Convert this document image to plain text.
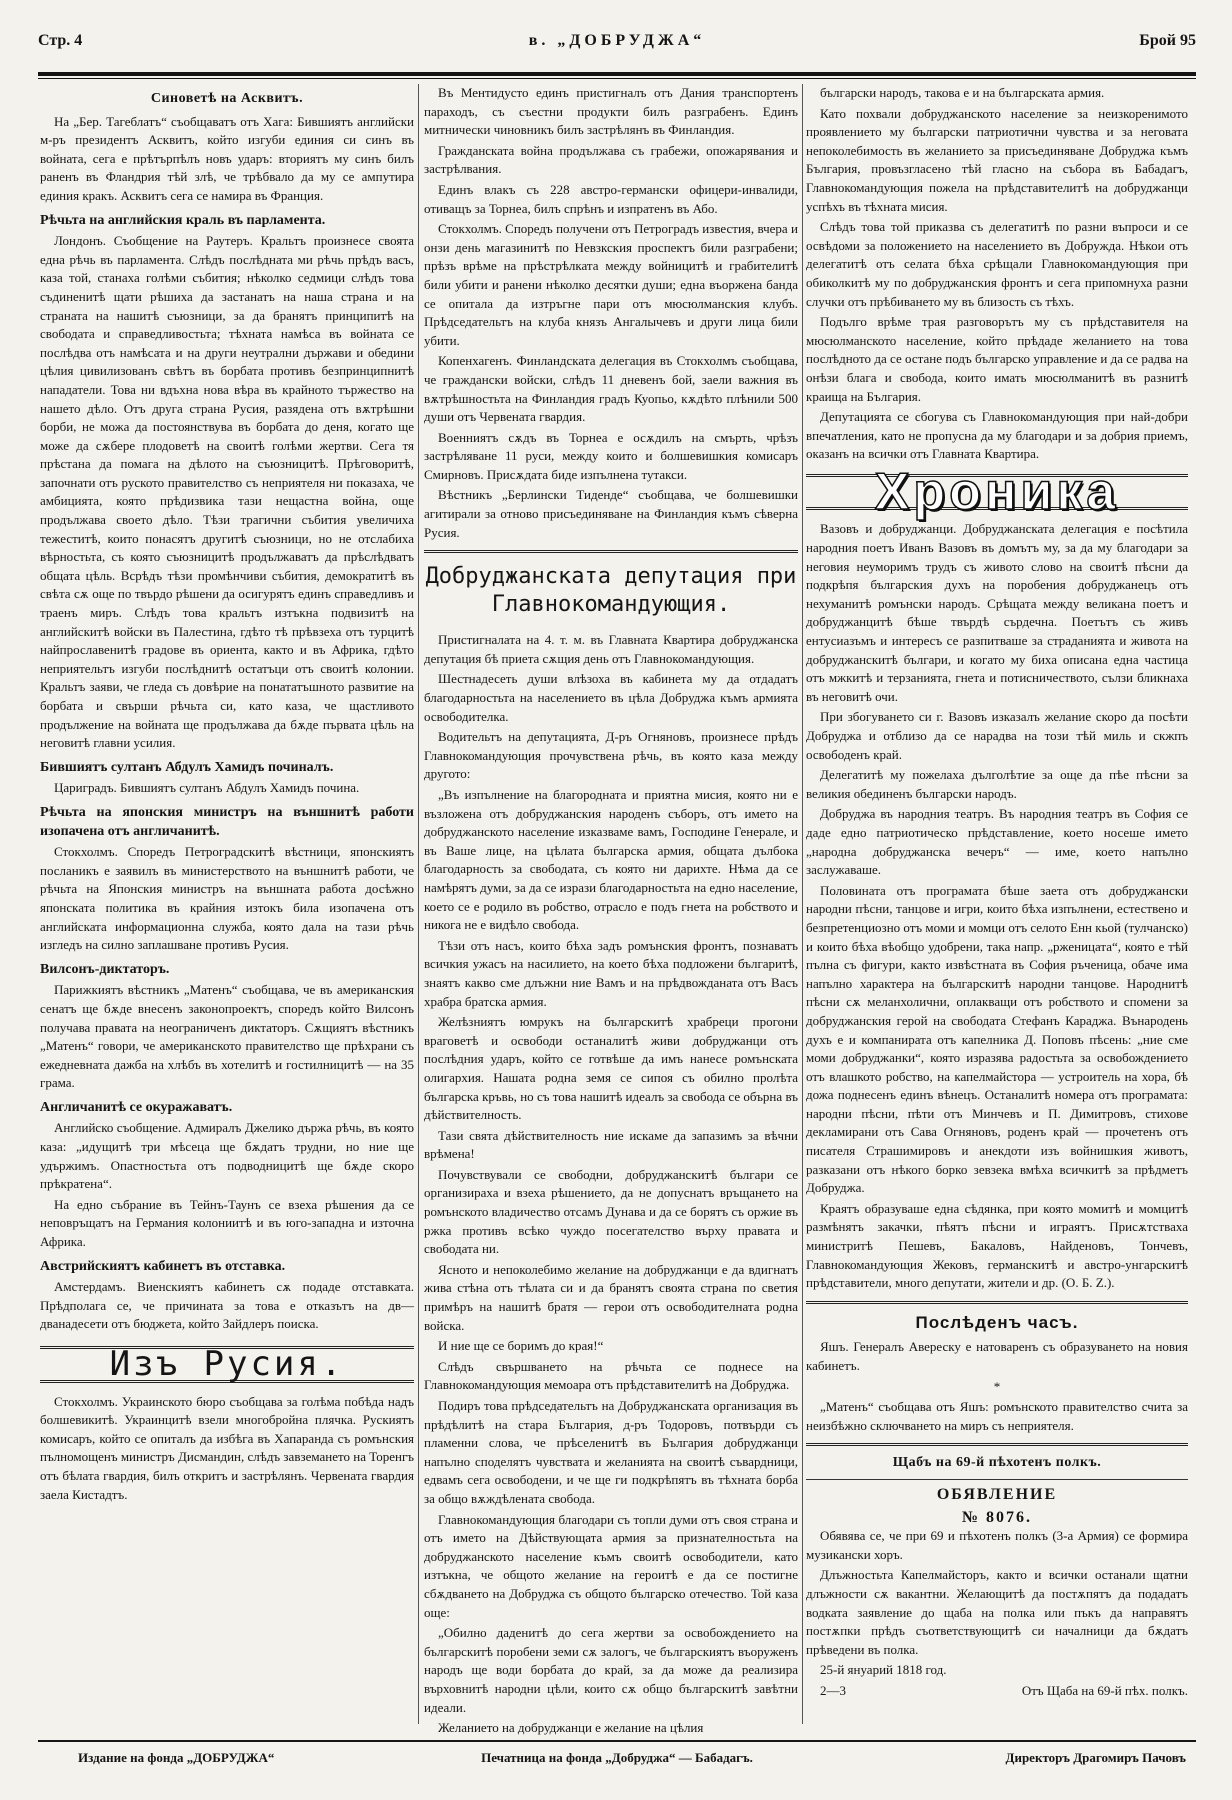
Стр. 4	в. „ДОБРУДЖА“	Брой 95
Синоветѣ на Асквитъ.

На „Бер. Тагеблатъ“ съобщаватъ отъ Хага: Бившиятъ английски м-ръ президентъ Асквитъ, който изгуби единия си синъ въ войната, сега е прѣтърпѣлъ новъ ударъ: вториятъ му синъ билъ раненъ въ Фландрия тѣй злѣ, че трѣбвало да му се ампутира единия кракъ. Асквитъ сега се намира въ Франция.

Рѣчьта на английския краль въ парламента.

Лондонъ. Съобщение на Раутеръ. Кральтъ произнесе своята една рѣчь въ парламента. Слѣдъ послѣдната ми рѣчь прѣдъ васъ, каза той, станаха голѣми събития; нѣколко седмици слѣдъ това съдиненитѣ щати рѣшиха да застанатъ на наша страна и на страната на нашитѣ съюзници, за да бранятъ принципитѣ на свободата и справедливостьта; тѣхната намѣса въ войната се послѣдва отъ намѣсата и на други неутрални държави и обедини цѣлия цивилизованъ свѣтъ въ борбата противъ безпринципнитѣ нападатели. Това ни вдъхна нова вѣра въ крайното тържество на нашето дѣло. Отъ друга страна Русия, разядена отъ вѫтрѣшни борби, не можа да постоянствува въ борбата до деня, когато ще може да сѫбере плодоветѣ на своитѣ голѣми жертви. Сега тя прѣстана да помага на дѣлото на съюзницитѣ. Прѣговоритѣ, започнати отъ руското правителство съ неприятеля ни показаха, че амбицията, която прѣдизвика тази нещастна война, още продължава своето дѣло. Тѣзи трагични събития увеличиха тежеститѣ, които понасятъ другитѣ съюзници, но не отслабиха вѣрностьта, съ която съюзницитѣ продължаватъ да прѣслѣдватъ общата цѣль. Всрѣдъ тѣзи промѣнчиви събития, демократитѣ въ свѣта сѫ още по твърдо рѣшени да осигурятъ единъ справедливъ и траенъ миръ. Слѣдъ това кральтъ изтъкна подвизитѣ на английскитѣ войски въ Палестина, гдѣто тѣ прѣвзеха отъ турцитѣ найпрославенитѣ градове въ ориента, както и въ Африка, гдѣто неприятельтъ изгуби послѣднитѣ остатъци отъ своитѣ колонии. Кральтъ заяви, че гледа съ довѣрие на понататъшното развитие на борбата и свърши рѣчьта си, като каза, че щастливото продължение на войната ще продължава да бѫде първата цѣль на неговитѣ главни усилия.

Бившиятъ султанъ Абдулъ Хамидъ починалъ.

Цариградъ. Бившиятъ султанъ Абдулъ Хамидъ почина.

Рѣчьта на японския министръ на външнитѣ работи изопачена отъ англичанитѣ.

Стокхолмъ. Споредъ Петроградскитѣ вѣстници, японскиятъ посланикъ е заявилъ въ министерството на външнитѣ работи, че рѣчьта на Японския министръ на външната работа досѣжно японската политика въ крайния изтокъ била изопачена отъ английската информационна служба, която дала на тази рѣчь изгледъ на силно заплашване противъ Русия.

Вилсонъ-диктаторъ.

Парижкиятъ вѣстникъ „Матенъ“ съобщава, че въ американския сенатъ ще бѫде внесенъ законопроектъ, споредъ който Вилсонъ получава правата на неограниченъ диктаторъ. Сѫщиятъ вѣстникъ „Матенъ“ говори, че американското правителство ще прѣхрани съ ежедневната дажба на хлѣбъ въ хотелитѣ и гостилницитѣ — на 35 грама.

Англичанитѣ се окуражаватъ.

Английско съобщение. Адмиралъ Джелико държа рѣчь, въ която каза: „идущитѣ три мѣсеца ще бѫдатъ трудни, но ние ще удържимъ. Опастностьта отъ подводницитѣ ще бѫде скоро прѣкратена“.

На едно събрание въ Тейнъ-Таунъ се взеха рѣшения да се неповръщатъ на Германия колониитѣ и въ юго-западна и източна Африка.

Австрийскиятъ кабинетъ въ отставка.

Амстердамъ. Виенскиятъ кабинетъ сѫ подаде отставката. Прѣдполага се, че причината за това е отказътъ на дв—дванадесети отъ бюджета, който Зайдлеръ поиска.

Изъ Русия.

Стокхолмъ. Украинското бюро съобщава за голѣма побѣда надъ болшевикитѣ. Украинцитѣ взели многобройна плячка. Рускиятъ комисаръ, който се опиталъ да избѣга въ Хапаранда съ ромънския пълномощенъ министръ Дисмандин, слѣдъ завземането на Торенгъ отъ бѣлата гвардия, билъ откритъ и застрѣлянъ. Червената гвардия заела Кистадтъ.

Въ Ментидусто единъ пристигналъ отъ Дания транспортенъ параходъ, съ съестни продукти билъ разграбенъ. Единъ митнически чиновникъ билъ застрѣлянъ въ Финландия.

Гражданската война продължава съ грабежи, опожарявания и застрѣлвания.

Единъ влакъ съ 228 австро-германски офицери-инвалиди, отиващъ за Торнеа, билъ спрѣнъ и изпратенъ въ Або.

Стокхолмъ. Споредъ получени отъ Петроградъ известия, вчера и онзи день магазинитѣ по Невзкския проспектъ били разграбени; прѣзъ врѣме на прѣстрѣлката между войницитѣ и грабителитѣ били убити и ранени нѣколко десятки души; една въоржена банда се опитала да изтръгне пари отъ мюсюлманския клубъ. Прѣдседательтъ на клуба князъ Ангалычевъ и други лица били убити.

Копенхагенъ. Финландската делегация въ Стокхолмъ съобщава, че граждански войски, слѣдъ 11 дневенъ бой, заели важния въ вѫтрѣшностьта на Финландия градъ Куопьо, кѫдѣто плѣнили 500 души отъ Червената гвардия.

Военниятъ сѫдъ въ Торнеа е осѫдилъ на смърть, чрѣзъ застрѣляване 11 руси, между които и болшевишкия комисаръ Смирновъ. Присѫдата биде изпълнена тутакси.

Вѣстникъ „Берлински Тиденде“ съобщава, че болшевишки агитирали за отново присъединяване на Финландия къмъ сѣверна Русия.

Добруджанската депутация при Главнокомандующия.

Пристигналата на 4. т. м. въ Главната Квартира добруджанска депутация бѣ приета сѫщия день отъ Главнокомандующия.

Шестнадесеть души влѣзоха въ кабинета му да отдадатъ благодарностьта на населението въ цѣла Добруджа къмъ армията освободителка.

Водительтъ на депутацията, Д-ръ Огняновъ, произнесе прѣдъ Главнокомандующия прочувствена рѣчь, въ която каза между другото:

„Въ изпълнение на благородната и приятна мисия, която ни е възложена отъ добруджанския народенъ съборъ, отъ името на добруджанското население изказваме вамъ, Господине Генерале, и въ Ваше лице, на цѣлата българска армия, общата дълбока благодарность за свободата, съ която ни дарихте. Нѣма да се намѣрятъ думи, за да се изрази благодарностьта на едно население, което се е родило въ робство, отрасло е подъ гнета на робството и никога не е видѣло свобода.

Тѣзи отъ насъ, които бѣха задъ ромънския фронтъ, познаватъ всичкия ужасъ на насилието, на което бѣха подложени българитѣ, знаятъ какво сме длъжни ние Вамъ и на прѣдвожданата отъ Васъ храбра братска армия.

Желѣзниятъ юмрукъ на българскитѣ храбреци прогони враговетѣ и освободи останалитѣ живи добруджанци отъ послѣдния ударъ, който се готвѣше да имъ нанесе ромънската олигархия. Нашата родна земя се сипоя съ обилно пролѣта българска кръвь, но съ това нашитѣ идеалъ за свобода се обърна въ дѣйствителность.

Тази свята дѣйствителность ние искаме да запазимъ за вѣчни врѣмена!

Почувствували се свободни, добруджанскитѣ българи се организираха и взеха рѣшението, да не допуснатъ връщането на ромънското владичество отсамъ Дунава и да се борятъ съ оржие въ ржка противъ всѣко чуждо посегателство върху правата и свободата ни.

Ясното и непоколебимо желание на добруджанци е да вдигнатъ жива стѣна отъ тѣлата си и да бранятъ своята страна по светия примѣръ на нашитѣ братя — герои отъ освободителната родна войска.

И ние ще се боримъ до края!“

Слѣдъ свършването на рѣчьта се поднесе на Главнокомандующия мемоара отъ прѣдставителитѣ на Добруджа.

Подиръ това прѣдседательтъ на Добруджанската организация въ прѣдѣлитѣ на стара България, д-ръ Тодоровъ, потвърди съ пламенни слова, че прѣселенитѣ въ България добруджанци напълно споделятъ чувствата и желанията на своитѣ съвардници, едвамъ сега освободени, и че ще ги подкрѣпятъ въ тѣхната борба за общо вѫждѣлената свобода.

Главнокомандующия благодари съ топли думи отъ своя страна и отъ името на Дѣйствующата армия за признателностьта на добруджанското население къмъ своитѣ освободители, като изтъкна, че общото желание на героитѣ е да се постигне сбѫдването на Добруджа съ общото българско отечество. Той каза още:

„Обилно даденитѣ до сега жертви за освобождението на българскитѣ поробени земи сѫ залогъ, че българскиятъ въоруженъ народъ ще води борбата до край, за да може да реализира върховнитѣ народни цѣли, които сѫ общо българскитѣ завѣтни идеали.

Желанието на добруджанци е желание на цѣлия

български народъ, такова е и на българската армия.

Като похвали добруджанското население за неизкоренимото проявлението му български патриотични чувства и за неговата непоколебимость въ желанието за присъединяване Добруджа къмъ България, провъзгласено тѣй гласно на събора въ Бабадагъ, Главнокомандующия пожела на прѣдставителитѣ на добруджанци успѣхъ въ тѣхната мисия.

Слѣдъ това той приказва съ делегатитѣ по разни въпроси и се освѣдоми за положението на населението въ Добружда. Нѣкои отъ делегатитѣ отъ селата бѣха срѣщали Главнокомандующия при обиколкитѣ му по добруджанския фронтъ и сега припомнуха разни случки отъ прѣбиването му въ близость съ тѣхъ.

Подълго врѣме трая разговорътъ му съ прѣдставителя на мюсюлманското население, който прѣдаде желанието на това послѣдното да се остане подъ българско управление и да се радва на онѣзи блага и свобода, които имать мюсюлманитѣ въ разнитѣ краища на България.

Депутацията се сбогува съ Главнокомандующия при най-добри впечатления, като не пропусна да му благодари и за добрия приемъ, оказанъ на всички отъ Главната Квартира.

Хроника

Вазовъ и добруджанци. Добруджанската делегация е посѣтила народния поетъ Иванъ Вазовъ въ домътъ му, за да му благодари за неговия неуморимъ трудъ съ живото слово на своитѣ пѣсни да подкрѣпя българския духъ на поробения добруджанецъ отъ нехуманитѣ ромънски народъ. Срѣщата между великана поетъ и добруджанцитѣ бѣше твърдѣ сърдечна. Поетътъ съ живъ ентусиазъмъ и интересъ се разпитваше за страданията и живота на добруджанскитѣ българи, и когато му биха описана една частица отъ мжкитѣ и терзанията, гнета и потисничеството, сълзи бликнаха въ неговитѣ очи.

При збогуването си г. Вазовъ изказалъ желание скоро да посѣти Добруджа и отблизо да се нарадва на този тѣй миль и скжпъ освободенъ край.

Делегатитѣ му пожелаха дълголѣтие за още да пѣе пѣсни за великия обединенъ български народъ.

Добруджа въ народния театръ. Въ народния театръ въ София се даде едно патриотическо прѣдставление, което носеше името „народна добруджанска вечеръ“ — име, което напълно заслужаваше.

Половината отъ програмата бѣше заета отъ добруджански народни пѣсни, танцове и игри, които бѣха изпълнени, естествено и безпретенциозно отъ моми и момци отъ селото Енн кьой (тулчанско) и които бѣха вѣобщо удобрени, така напр. „рженицата“, която е тѣй пълна съ фигури, както извѣстната въ София ръченица, обаче има напълно характера на българскитѣ народни танцове. Народнитѣ пѣсни сѫ меланхолични, оплакващи отъ робството и спомени за добруджанския герой на свободата Стефанъ Караджа. Вънародень духъ е и компанирата отъ капелника Д. Поповъ пѣсень: „ние сме моми добруджанки“, която изразява радостьта за освобождението отъ влашкото робство, на капелмайстора — устроитель на хора, бѣ дожа поднесенъ единъ вѣнецъ. Останалитѣ номера отъ програмата: народни пѣсни, пѣти отъ Минчевъ и П. Димитровъ, стихове декламирани отъ Сава Огняновъ, роденъ край — прочетенъ отъ писателя Страшимировъ и анекдоти изъ войнишкия животъ, разказани отъ нѣкого борко зевзека вмѣха всичкитѣ за прѣдметъ Добруджа.

Краятъ образуваше една сѣдянка, при която момитѣ и момцитѣ размѣнятъ закачки, пѣятъ пѣсни и играятъ. Присѫтстваха министритѣ Пешевъ, Бакаловъ, Найденовъ, Тончевъ, Главнокомандующия Жековъ, германскитѣ и австро-унгарскитѣ прѣдставители, много депутати, жители и др. (О. Б. Z.).

Послѣденъ часъ.

Яшъ. Генералъ Авереску е натоваренъ съ образуването на новия кабинетъ.

*

„Матенъ“ съобщава отъ Яшъ: ромънското правителство счита за неизбѣжно сключването на миръ съ неприятеля.

Щабъ на 69-й пѣхотенъ полкъ.
ОБЯВЛЕНИЕ
№ 8076.

Обявява се, че при 69 и пѣхотенъ полкъ (3-а Армия) се формира музикански хоръ.

Длъжностьта Капелмайсторъ, както и всички останали щатни длъжности сѫ вакантни. Желающитѣ да постѫпятъ да подадатъ водката заявление до щаба на полка или пъкъ да направятъ постѫпки прѣдъ съответствующитѣ си началници да бѫдатъ прѣведени въ полка.

25-й януарий 1818 год.

2—3	Отъ Щаба на 69-й пѣх. полкъ.

Издание на фонда „ДОБРУДЖА“	Печатница на фонда „Добруджа“ — Бабадагъ.	Директоръ Драгомиръ Пачовъ
